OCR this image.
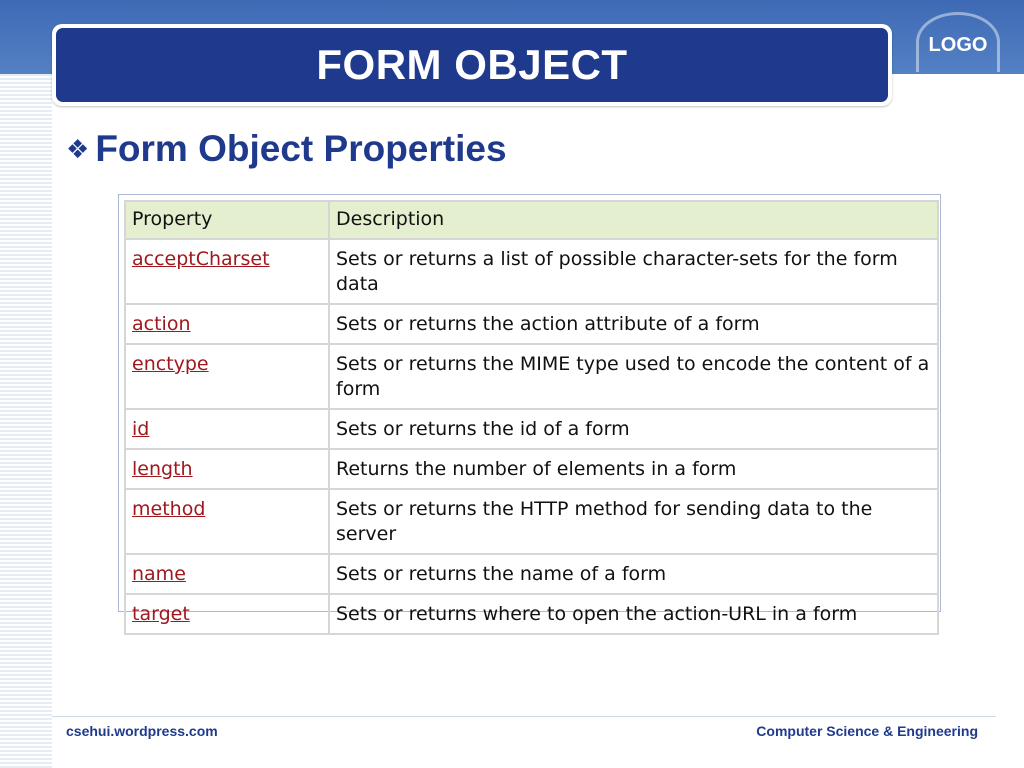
FORM OBJECT	LOGO
❖ Form Object Properties
Property	Description
acceptCharset	Sets or returns a list of possible character-sets for the form data
action	Sets or returns the action attribute of a form
enctype	Sets or returns the MIME type used to encode the content of a form
id	Sets or returns the id of a form
length	Returns the number of elements in a form
method	Sets or returns the HTTP method for sending data to the server
name	Sets or returns the name of a form
target	Sets or returns where to open the action-URL in a form
csehui.wordpress.com	Computer Science & Engineering
